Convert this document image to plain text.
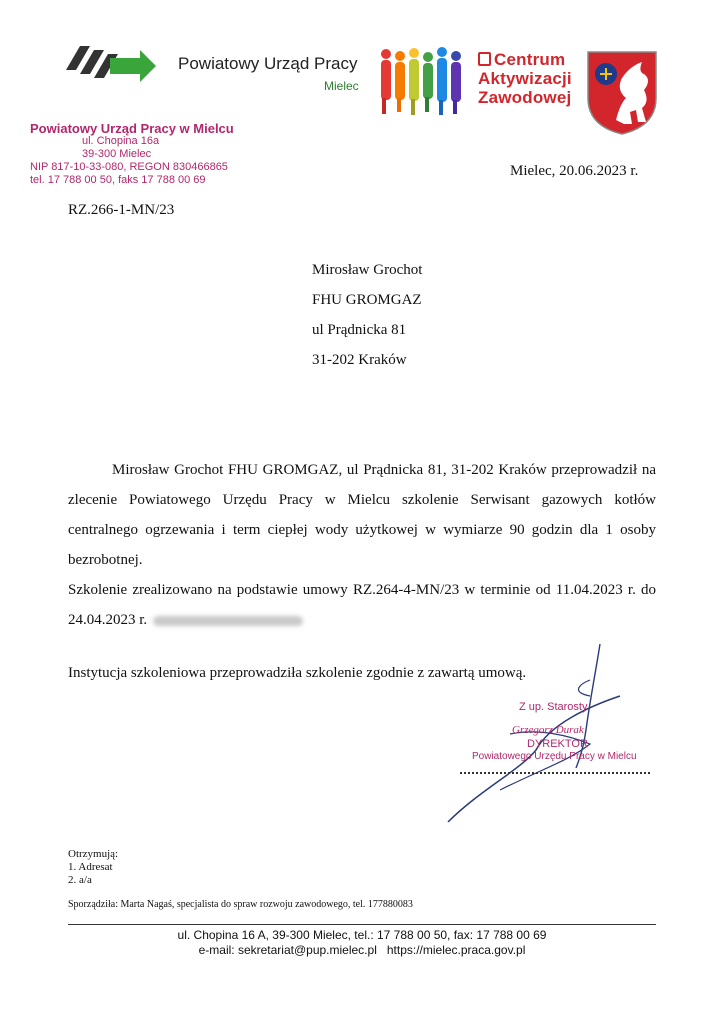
Powiatowy Urząd Pracy
Mielec
Centrum
Aktywizacji
Zawodowej
Powiatowy Urząd Pracy w Mielcu
ul. Chopina 16a
39-300 Mielec
NIP 817-10-33-080, REGON 830466865
tel. 17 788 00 50, faks 17 788 00 69
Mielec, 20.06.2023 r.
RZ.266-1-MN/23
Mirosław Grochot
FHU GROMGAZ
ul Prądnicka 81
31-202 Kraków

Mirosław Grochot FHU GROMGAZ, ul Prądnicka 81, 31-202 Kraków przeprowadził na zlecenie Powiatowego Urzędu Pracy w Mielcu szkolenie Serwisant gazowych kotłów centralnego ogrzewania i term ciepłej wody użytkowej w wymiarze 90 godzin dla 1 osoby bezrobotnej.

Szkolenie zrealizowano na podstawie umowy RZ.264-4-MN/23 w terminie od 11.04.2023 r. do 24.04.2023 r.

Instytucja szkoleniowa przeprowadziła szkolenie zgodnie z zawartą umową.
Z up. Starosty
Grzegorz Durak
DYREKTOR
Powiatowego Urzędu Pracy w Mielcu
Otrzymują:
1. Adresat
2. a/a
Sporządziła: Marta Nagaś, specjalista do spraw rozwoju zawodowego, tel. 177880083
ul. Chopina 16 A, 39-300 Mielec, tel.: 17 788 00 50, fax: 17 788 00 69
e-mail: sekretariat@pup.mielec.pl   https://mielec.praca.gov.pl
